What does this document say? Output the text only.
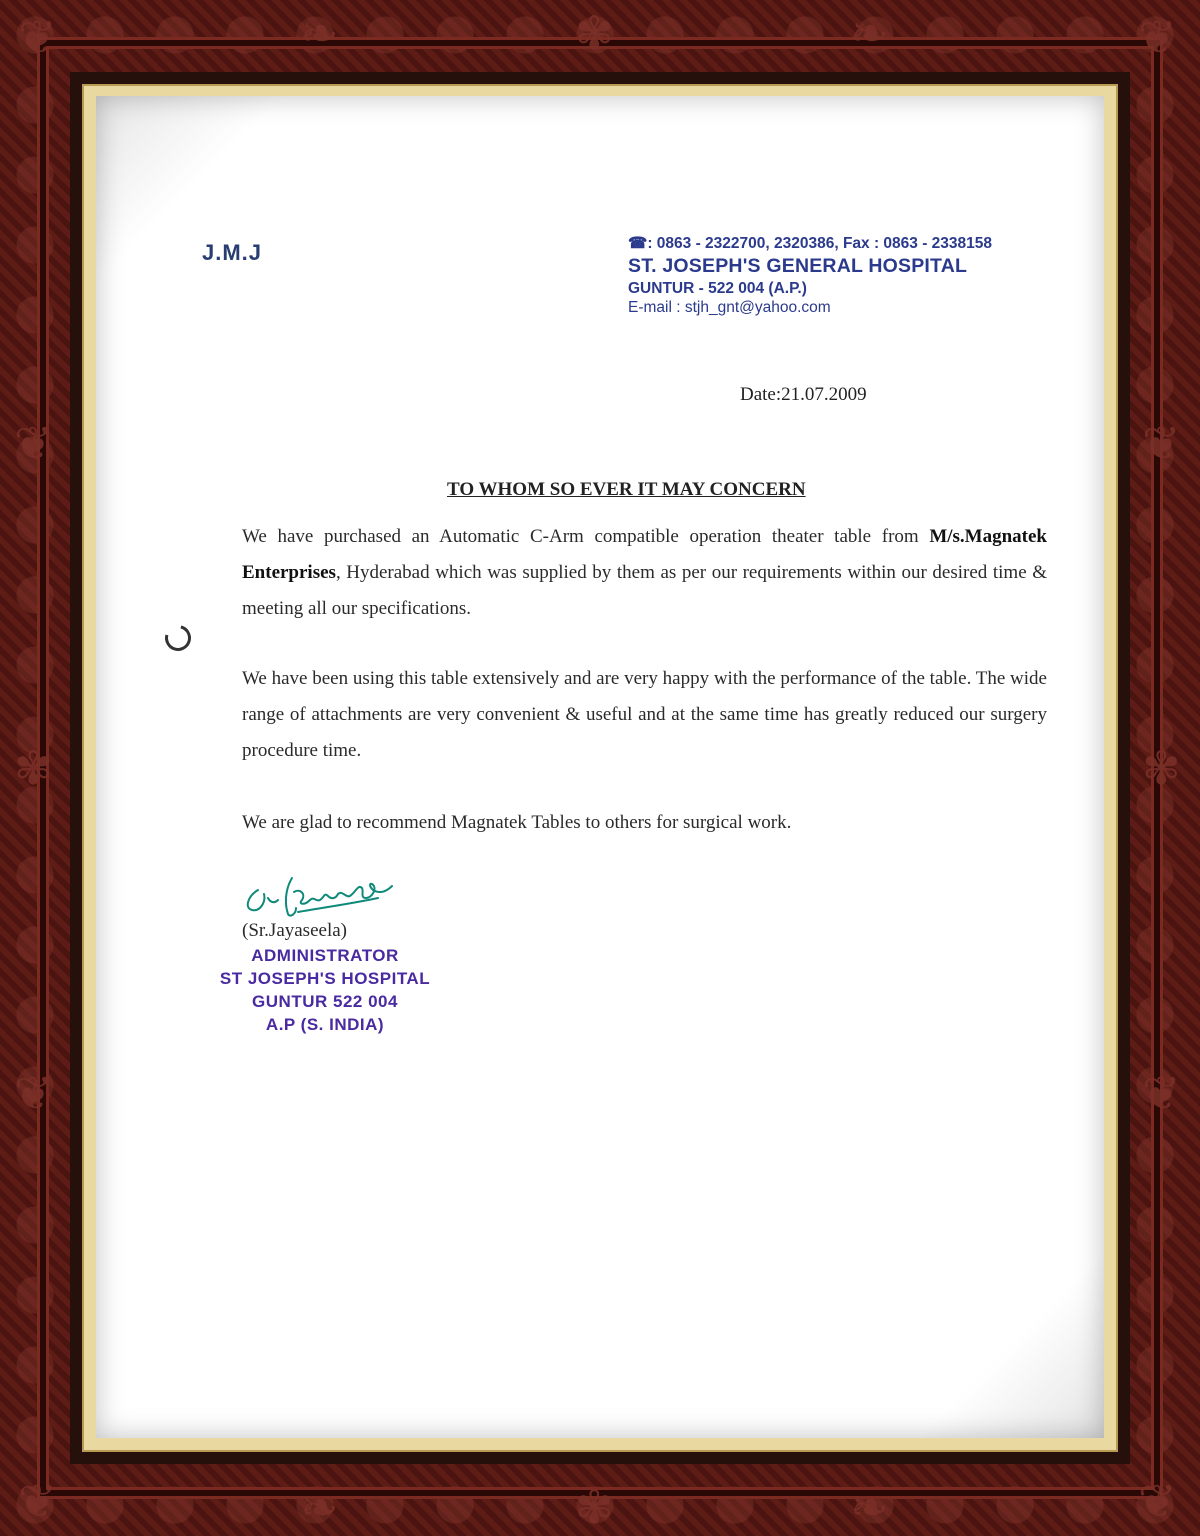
❦	❦
❦	❦
❧	✾	❧
❧	✾	❧
❦
✾
❦
❦
✾
❦
J.M.J	☎: 0863 - 2322700, 2320386, Fax : 0863 - 2338158
ST. JOSEPH'S GENERAL HOSPITAL
GUNTUR - 522 004 (A.P.)
E-mail : stjh_gnt@yahoo.com
Date:21.07.2009
TO WHOM SO EVER IT MAY CONCERN
We have purchased an Automatic C-Arm compatible operation theater table from M/s.Magnatek Enterprises, Hyderabad which was supplied by them as per our requirements within our desired time & meeting all our specifications.
We have been using this table extensively and are very happy with the performance of the table. The wide range of attachments are very convenient & useful and at the same time has greatly reduced our surgery procedure time.
We are glad to recommend Magnatek Tables to others for surgical work.
(Sr.Jayaseela)
ADMINISTRATOR
ST JOSEPH'S HOSPITAL
GUNTUR 522 004
A.P (S. INDIA)
